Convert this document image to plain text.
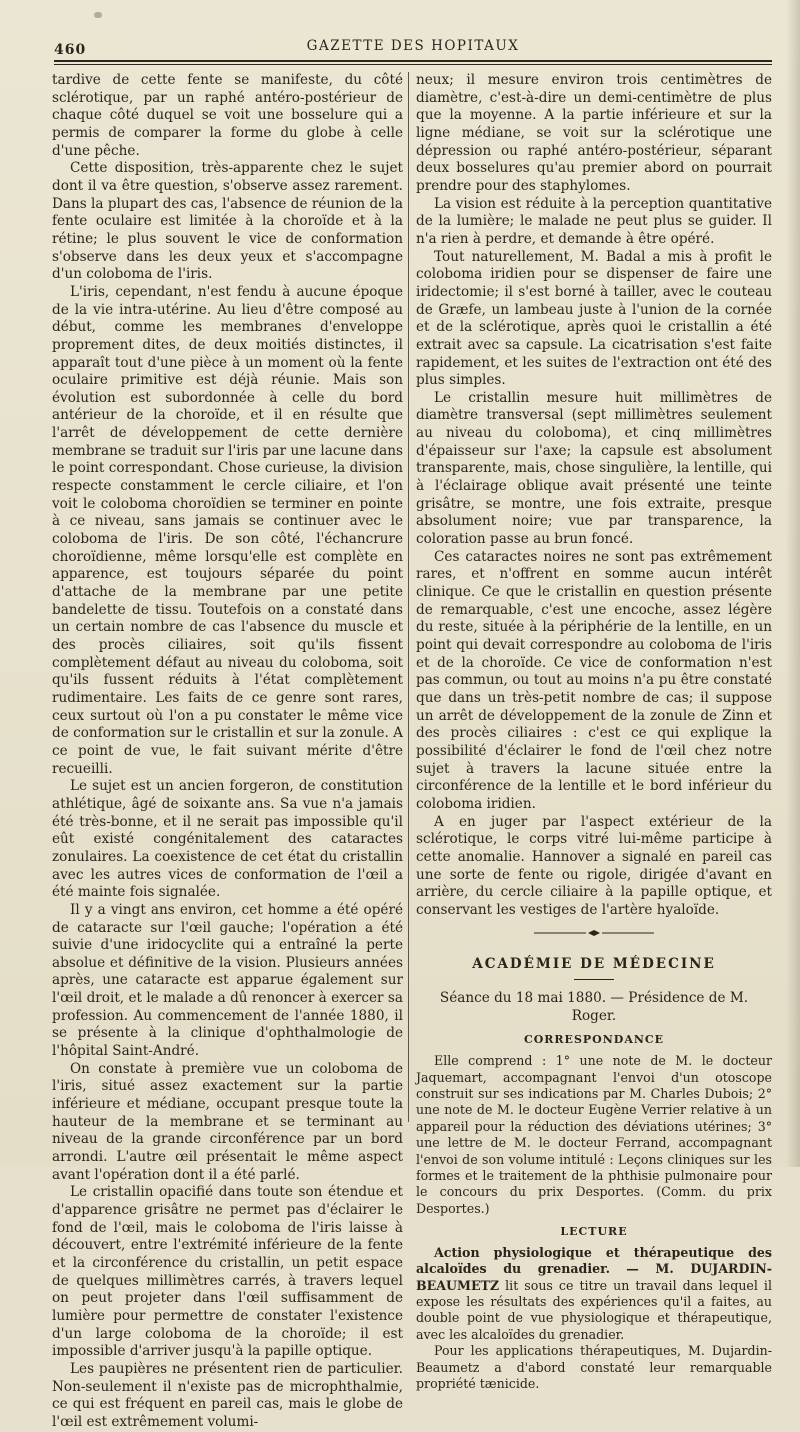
460	GAZETTE DES HOPITAUX

tardive de cette fente se manifeste, du côté sclérotique, par un raphé antéro-postérieur de chaque côté duquel se voit une bosselure qui a permis de comparer la forme du globe à celle d'une pêche.

Cette disposition, très-apparente chez le sujet dont il va être question, s'observe assez rarement. Dans la plupart des cas, l'absence de réunion de la fente oculaire est limitée à la choroïde et à la rétine; le plus souvent le vice de conformation s'observe dans les deux yeux et s'accompagne d'un coloboma de l'iris.

L'iris, cependant, n'est fendu à aucune époque de la vie intra-utérine. Au lieu d'être composé au début, comme les membranes d'enveloppe proprement dites, de deux moitiés distinctes, il apparaît tout d'une pièce à un moment où la fente oculaire primitive est déjà réunie. Mais son évolution est subordonnée à celle du bord antérieur de la choroïde, et il en résulte que l'arrêt de développement de cette dernière membrane se traduit sur l'iris par une lacune dans le point correspondant. Chose curieuse, la division respecte constamment le cercle ciliaire, et l'on voit le coloboma choroïdien se terminer en pointe à ce niveau, sans jamais se continuer avec le coloboma de l'iris. De son côté, l'échancrure choroïdienne, même lorsqu'elle est complète en apparence, est toujours séparée du point d'attache de la membrane par une petite bandelette de tissu. Toutefois on a constaté dans un certain nombre de cas l'absence du muscle et des procès ciliaires, soit qu'ils fissent complètement défaut au niveau du coloboma, soit qu'ils fussent réduits à l'état complètement rudimentaire. Les faits de ce genre sont rares, ceux surtout où l'on a pu constater le même vice de conformation sur le cristallin et sur la zonule. A ce point de vue, le fait suivant mérite d'être recueilli.

Le sujet est un ancien forgeron, de constitution athlétique, âgé de soixante ans. Sa vue n'a jamais été très-bonne, et il ne serait pas impossible qu'il eût existé congénitalement des cataractes zonulaires. La coexistence de cet état du cristallin avec les autres vices de conformation de l'œil a été mainte fois signalée.

Il y a vingt ans environ, cet homme a été opéré de cataracte sur l'œil gauche; l'opération a été suivie d'une iridocyclite qui a entraîné la perte absolue et définitive de la vision. Plusieurs années après, une cataracte est apparue également sur l'œil droit, et le malade a dû renoncer à exercer sa profession. Au commencement de l'année 1880, il se présente à la clinique d'ophthalmologie de l'hôpital Saint-André.

On constate à première vue un coloboma de l'iris, situé assez exactement sur la partie inférieure et médiane, occupant presque toute la hauteur de la membrane et se terminant au niveau de la grande circonférence par un bord arrondi. L'autre œil présentait le même aspect avant l'opération dont il a été parlé.

Le cristallin opacifié dans toute son étendue et d'apparence grisâtre ne permet pas d'éclairer le fond de l'œil, mais le coloboma de l'iris laisse à découvert, entre l'extrémité inférieure de la fente et la circonférence du cristallin, un petit espace de quelques millimètres carrés, à travers lequel on peut projeter dans l'œil suffisamment de lumière pour permettre de constater l'existence d'un large coloboma de la choroïde; il est impossible d'arriver jusqu'à la papille optique.

Les paupières ne présentent rien de particulier. Non-seulement il n'existe pas de microphthalmie, ce qui est fréquent en pareil cas, mais le globe de l'œil est extrêmement volumi-

neux; il mesure environ trois centimètres de diamètre, c'est-à-dire un demi-centimètre de plus que la moyenne. A la partie inférieure et sur la ligne médiane, se voit sur la sclérotique une dépression ou raphé antéro-postérieur, séparant deux bosselures qu'au premier abord on pourrait prendre pour des staphylomes.

La vision est réduite à la perception quantitative de la lumière; le malade ne peut plus se guider. Il n'a rien à perdre, et demande à être opéré.

Tout naturellement, M. Badal a mis à profit le coloboma iridien pour se dispenser de faire une iridectomie; il s'est borné à tailler, avec le couteau de Græfe, un lambeau juste à l'union de la cornée et de la sclérotique, après quoi le cristallin a été extrait avec sa capsule. La cicatrisation s'est faite rapidement, et les suites de l'extraction ont été des plus simples.

Le cristallin mesure huit millimètres de diamètre transversal (sept millimètres seulement au niveau du coloboma), et cinq millimètres d'épaisseur sur l'axe; la capsule est absolument transparente, mais, chose singulière, la lentille, qui à l'éclairage oblique avait présenté une teinte grisâtre, se montre, une fois extraite, presque absolument noire; vue par transparence, la coloration passe au brun foncé.

Ces cataractes noires ne sont pas extrêmement rares, et n'offrent en somme aucun intérêt clinique. Ce que le cristallin en question présente de remarquable, c'est une encoche, assez légère du reste, située à la périphérie de la lentille, en un point qui devait correspondre au coloboma de l'iris et de la choroïde. Ce vice de conformation n'est pas commun, ou tout au moins n'a pu être constaté que dans un très-petit nombre de cas; il suppose un arrêt de développement de la zonule de Zinn et des procès ciliaires : c'est ce qui explique la possibilité d'éclairer le fond de l'œil chez notre sujet à travers la lacune située entre la circonférence de la lentille et le bord inférieur du coloboma iridien.

A en juger par l'aspect extérieur de la sclérotique, le corps vitré lui-même participe à cette anomalie. Hannover a signalé en pareil cas une sorte de fente ou rigole, dirigée d'avant en arrière, du cercle ciliaire à la papille optique, et conservant les vestiges de l'artère hyaloïde.

ACADÉMIE DE MÉDECINE

Séance du 18 mai 1880. — Présidence de M. Roger.

CORRESPONDANCE

Elle comprend : 1° une note de M. le docteur Jaquemart, accompagnant l'envoi d'un otoscope construit sur ses indications par M. Charles Dubois; 2° une note de M. le docteur Eugène Verrier relative à un appareil pour la réduction des déviations utérines; 3° une lettre de M. le docteur Ferrand, accompagnant l'envoi de son volume intitulé : Leçons cliniques sur les formes et le traitement de la phthisie pulmonaire pour le concours du prix Desportes. (Comm. du prix Desportes.)

LECTURE

Action physiologique et thérapeutique des alcaloïdes du grenadier. — M. DUJARDIN-BEAUMETZ lit sous ce titre un travail dans lequel il expose les résultats des expériences qu'il a faites, au double point de vue physiologique et thérapeutique, avec les alcaloïdes du grenadier.

Pour les applications thérapeutiques, M. Dujardin-Beaumetz a d'abord constaté leur remarquable propriété tænicide.
